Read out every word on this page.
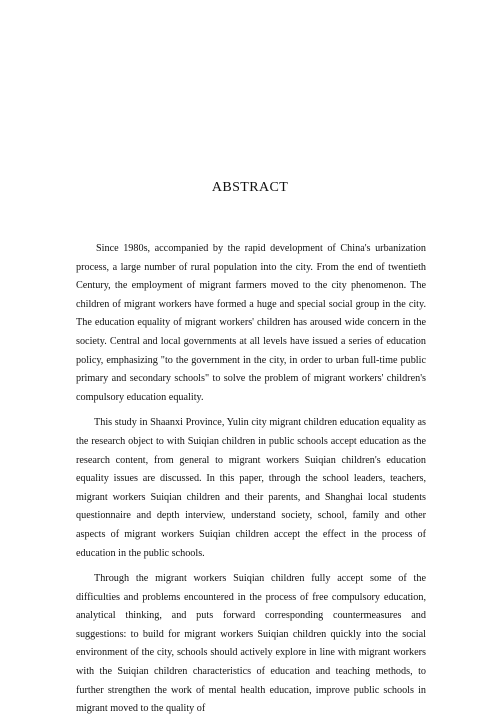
ABSTRACT

Since 1980s, accompanied by the rapid development of China's urbanization process, a large number of rural population into the city. From the end of twentieth Century, the employment of migrant farmers moved to the city phenomenon. The children of migrant workers have formed a huge and special social group in the city. The education equality of migrant workers' children has aroused wide concern in the society. Central and local governments at all levels have issued a series of education policy, emphasizing "to the government in the city, in order to urban full-time public primary and secondary schools" to solve the problem of migrant workers' children's compulsory education equality.

This study in Shaanxi Province, Yulin city migrant children education equality as the research object to with Suiqian children in public schools accept education as the research content, from general to migrant workers Suiqian children's education equality issues are discussed. In this paper, through the school leaders, teachers, migrant workers Suiqian children and their parents, and Shanghai local students questionnaire and depth interview, understand society, school, family and other aspects of migrant workers Suiqian children accept the effect in the process of education in the public schools.

Through the migrant workers Suiqian children fully accept some of the difficulties and problems encountered in the process of free compulsory education, analytical thinking, and puts forward corresponding countermeasures and suggestions: to build for migrant workers Suiqian children quickly into the social environment of the city, schools should actively explore in line with migrant workers with the Suiqian children characteristics of education and teaching methods, to further strengthen the work of mental health education, improve public schools in migrant moved to the quality of
